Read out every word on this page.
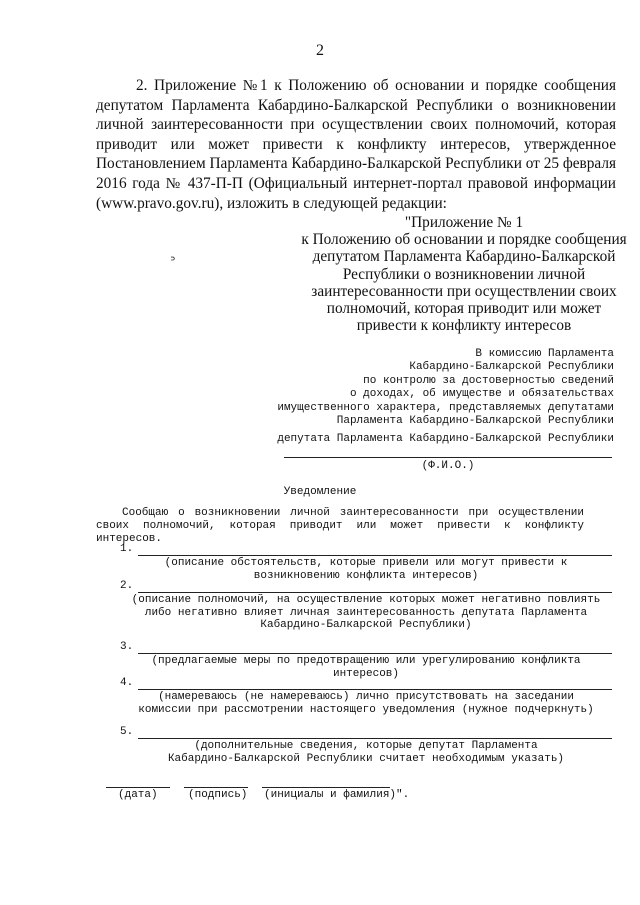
2

2. Приложение №1 к Положению об основании и порядке сообщения депутатом Парламента Кабардино-Балкарской Республики о возникновении личной заинтересованности при осуществлении своих полномочий, которая приводит или может привести к конфликту интересов, утвержденное Постановлением Парламента Кабардино-Балкарской Республики от 25 февраля 2016 года № 437-П-П (Официальный интернет-портал правовой информации (www.pravo.gov.ru), изложить в следующей редакции:

ᐣ
"Приложение № 1
к Положению об основании и порядке сообщения
депутатом Парламента Кабардино-Балкарской
Республики о возникновении личной
заинтересованности при осуществлении своих
полномочий, которая приводит или может
привести к конфликту интересов
В комиссию Парламента
Кабардино-Балкарской Республики
по контролю за достоверностью сведений
о доходах, об имуществе и обязательствах
имущественного характера, представляемых депутатами
Парламента Кабардино-Балкарской Республики
депутата Парламента Кабардино-Балкарской Республики
(Ф.И.О.)
Уведомление

Сообщаю о возникновении личной заинтересованности при осуществлении своих полномочий, которая приводит или может привести к конфликту интересов.

1.
(описание обстоятельств, которые привели или могут привести к
возникновению конфликта интересов)
2.
(описание полномочий, на осуществление которых может негативно повлиять
либо негативно влияет личная заинтересованность депутата Парламента
Кабардино-Балкарской Республики)
3.
(предлагаемые меры по предотвращению или урегулированию конфликта
интересов)
4.
(намереваюсь (не намереваюсь) лично присутствовать на заседании
комиссии при рассмотрении настоящего уведомления (нужное подчеркнуть)
5.
(дополнительные сведения, которые депутат Парламента
Кабардино-Балкарской Республики считает необходимым указать)
(дата)	(подпись) (инициалы и фамилия)".
